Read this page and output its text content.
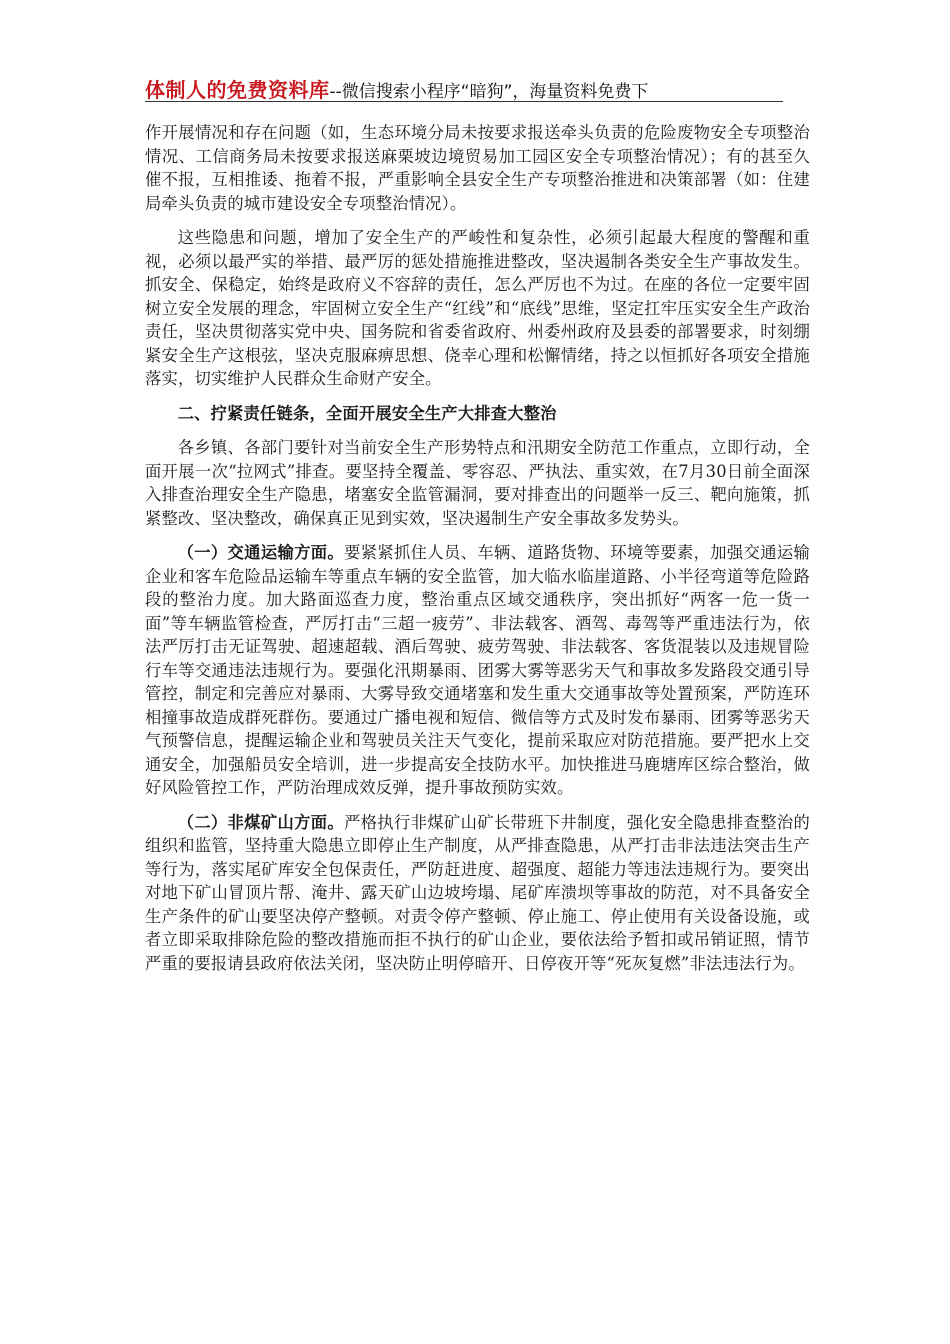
体制人的免费资料库--微信搜索小程序“暗狗”，海量资料免费下

作开展情况和存在问题（如，生态环境分局未按要求报送牵头负责的危险废物安全专项整治情况、工信商务局未按要求报送麻栗坡边境贸易加工园区安全专项整治情况）；有的甚至久催不报，互相推诿、拖着不报，严重影响全县安全生产专项整治推进和决策部署（如：住建局牵头负责的城市建设安全专项整治情况）。

这些隐患和问题，增加了安全生产的严峻性和复杂性，必须引起最大程度的警醒和重视，必须以最严实的举措、最严厉的惩处措施推进整改，坚决遏制各类安全生产事故发生。抓安全、保稳定，始终是政府义不容辞的责任，怎么严厉也不为过。在座的各位一定要牢固树立安全发展的理念，牢固树立安全生产“红线”和“底线”思维，坚定扛牢压实安全生产政治责任，坚决贯彻落实党中央、国务院和省委省政府、州委州政府及县委的部署要求，时刻绷紧安全生产这根弦，坚决克服麻痹思想、侥幸心理和松懈情绪，持之以恒抓好各项安全措施落实，切实维护人民群众生命财产安全。

二、拧紧责任链条，全面开展安全生产大排查大整治

各乡镇、各部门要针对当前安全生产形势特点和汛期安全防范工作重点，立即行动，全面开展一次“拉网式”排查。要坚持全覆盖、零容忍、严执法、重实效，在7月30日前全面深入排查治理安全生产隐患，堵塞安全监管漏洞，要对排查出的问题举一反三、靶向施策，抓紧整改、坚决整改，确保真正见到实效，坚决遏制生产安全事故多发势头。

（一）交通运输方面。要紧紧抓住人员、车辆、道路货物、环境等要素，加强交通运输企业和客车危险品运输车等重点车辆的安全监管，加大临水临崖道路、小半径弯道等危险路段的整治力度。加大路面巡查力度，整治重点区域交通秩序，突出抓好“两客一危一货一面”等车辆监管检查，严厉打击“三超一疲劳”、非法载客、酒驾、毒驾等严重违法行为，依法严厉打击无证驾驶、超速超载、酒后驾驶、疲劳驾驶、非法载客、客货混装以及违规冒险行车等交通违法违规行为。要强化汛期暴雨、团雾大雾等恶劣天气和事故多发路段交通引导管控，制定和完善应对暴雨、大雾导致交通堵塞和发生重大交通事故等处置预案，严防连环相撞事故造成群死群伤。要通过广播电视和短信、微信等方式及时发布暴雨、团雾等恶劣天气预警信息，提醒运输企业和驾驶员关注天气变化，提前采取应对防范措施。要严把水上交通安全，加强船员安全培训，进一步提高安全技防水平。加快推进马鹿塘库区综合整治，做好风险管控工作，严防治理成效反弹，提升事故预防实效。

（二）非煤矿山方面。严格执行非煤矿山矿长带班下井制度，强化安全隐患排查整治的组织和监管，坚持重大隐患立即停止生产制度，从严排查隐患，从严打击非法违法突击生产等行为，落实尾矿库安全包保责任，严防赶进度、超强度、超能力等违法违规行为。要突出对地下矿山冒顶片帮、淹井、露天矿山边坡垮塌、尾矿库溃坝等事故的防范，对不具备安全生产条件的矿山要坚决停产整顿。对责令停产整顿、停止施工、停止使用有关设备设施，或者立即采取排除危险的整改措施而拒不执行的矿山企业，要依法给予暂扣或吊销证照，情节严重的要报请县政府依法关闭，坚决防止明停暗开、日停夜开等“死灰复燃”非法违法行为。
